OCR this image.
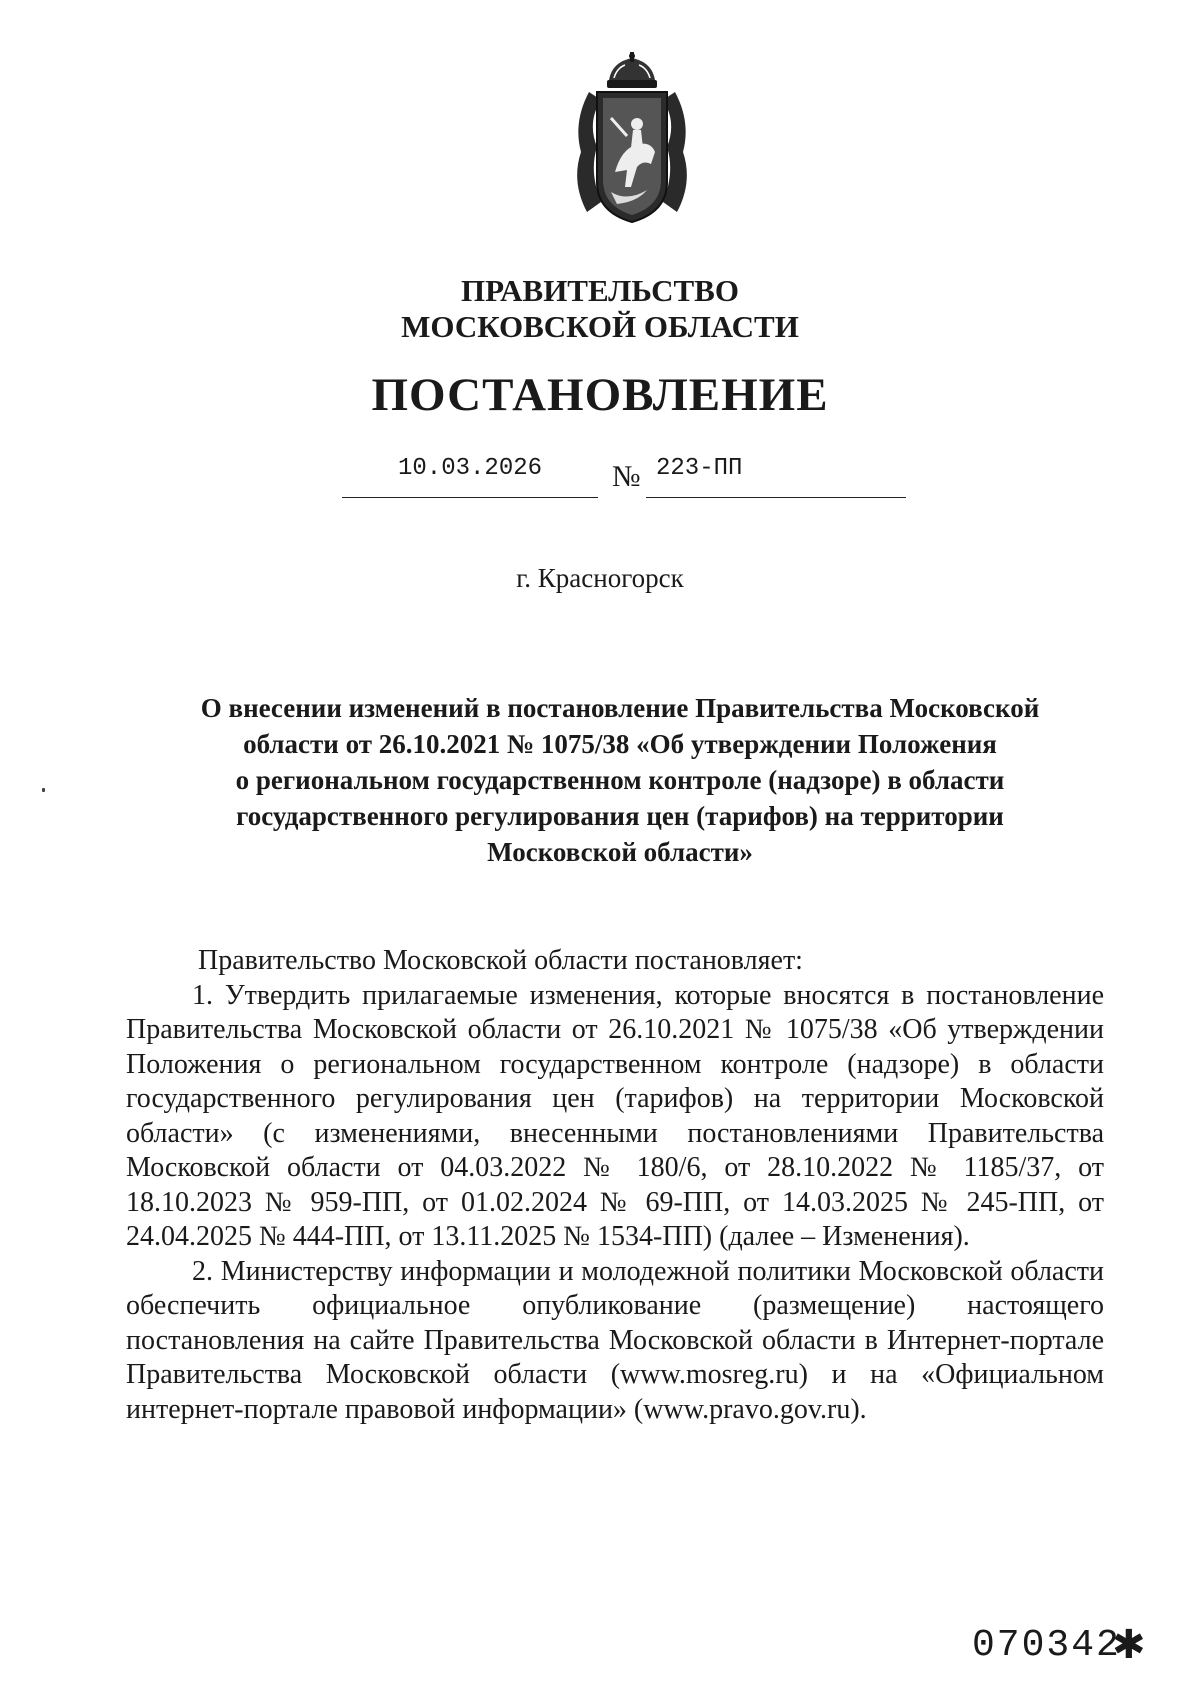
ПРАВИТЕЛЬСТВО
МОСКОВСКОЙ ОБЛАСТИ
ПОСТАНОВЛЕНИЕ
10.03.2026 № 223-ПП
г. Красногорск
О внесении изменений в постановление Правительства Московской
области от 26.10.2021 № 1075/38 «Об утверждении Положения
о региональном государственном контроле (надзоре) в области
государственного регулирования цен (тарифов) на территории
Московской области»

Правительство Московской области постановляет:

1. Утвердить прилагаемые изменения, которые вносятся в постановление Правительства Московской области от 26.10.2021 № 1075/38 «Об утверждении Положения о региональном государственном контроле (надзоре) в области государственного регулирования цен (тарифов) на территории Московской области» (с изменениями, внесенными постановлениями Правительства Московской области от 04.03.2022 № 180/6, от 28.10.2022 № 1185/37, от 18.10.2023 № 959-ПП, от 01.02.2024 № 69-ПП, от 14.03.2025 № 245-ПП, от 24.04.2025 № 444-ПП, от 13.11.2025 № 1534-ПП) (далее – Изменения).

2. Министерству информации и молодежной политики Московской области обеспечить официальное опубликование (размещение) настоящего постановления на сайте Правительства Московской области в Интернет-портале Правительства Московской области (www.mosreg.ru) и на «Официальном интернет-портале правовой информации» (www.pravo.gov.ru).

070342
✱
